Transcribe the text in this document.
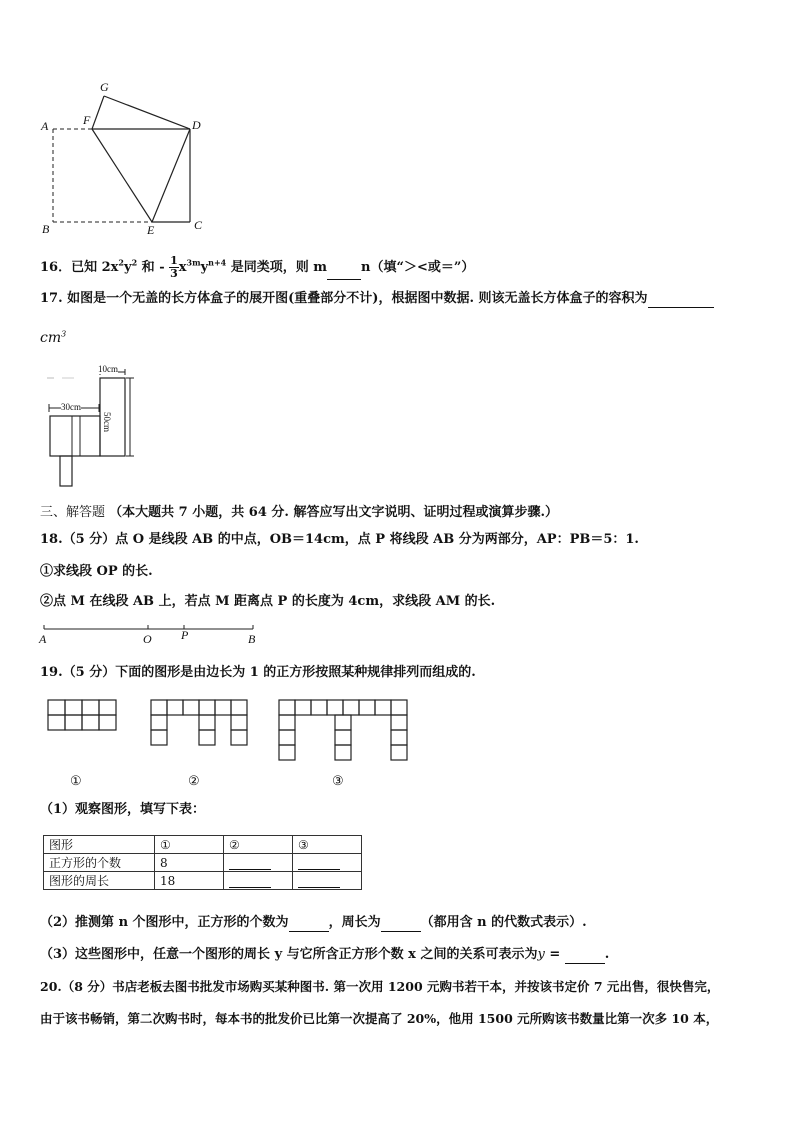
G
A	F	D
B	E	C
16．已知 $2x^2y^2$ 和 - $\frac{1}{3} x^{3m}y^{n+4}$ 是同类项，则 m	n（填“＞<或＝”）
17. 如图是一个无盖的长方体盒子的展开图(重叠部分不计)，根据图中数据. 则该无盖长方体盒子的容积为
$cm^3$
10cm
30cm
50cm
三、解答题 （本大题共 7 小题，共 64 分. 解答应写出文字说明、证明过程或演算步骤.）
18.（5 分）点 O 是线段 AB 的中点，OB＝14cm，点 P 将线段 AB 分为两部分，AP：PB＝5：1.
①求线段 OP 的长.
②点 M 在线段 AB 上，若点 M 距离点 P 的长度为 4cm，求线段 AM 的长.
A	O P	B
19.（5 分）下面的图形是由边长为 1 的正方形按照某种规律排列而组成的.
①	②	③
（1）观察图形，填写下表：
图形	①	②	③
正方形的个数	8		
图形的周长	18		
（2）推测第 n 个图形中，正方形的个数为	，周长为	（都用含 n 的代数式表示）.
（3）这些图形中，任意一个图形的周长 y 与它所含正方形个数 x 之间的关系可表示为y =	.
20.（8 分）书店老板去图书批发市场购买某种图书. 第一次用 1200 元购书若干本，并按该书定价 7 元出售，很快售完，
由于该书畅销，第二次购书时，每本书的批发价已比第一次提高了 20%，他用 1500 元所购该书数量比第一次多 10 本，
